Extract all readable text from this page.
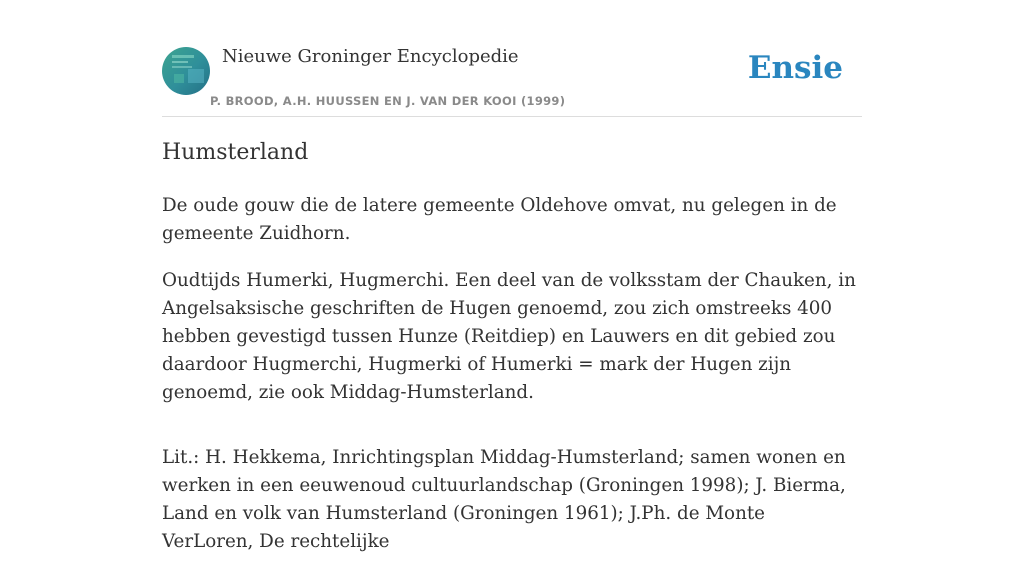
Nieuwe Groninger Encyclopedie
P. BROOD, A.H. HUUSSEN EN J. VAN DER KOOI (1999)
Ensie
Humsterland

De oude gouw die de latere gemeente Oldehove omvat, nu gelegen in de gemeente Zuidhorn.

Oudtijds Humerki, Hugmerchi. Een deel van de volksstam der Chauken, in Angelsaksische geschriften de Hugen genoemd, zou zich omstreeks 400 hebben gevestigd tussen Hunze (Reitdiep) en Lauwers en dit gebied zou daardoor Hugmerchi, Hugmerki of Humerki = mark der Hugen zijn genoemd, zie ook Middag-Humsterland.

Lit.: H. Hekkema, Inrichtingsplan Middag-Humsterland; samen wonen en werken in een eeuwenoud cultuurlandschap (Groningen 1998); J. Bierma, Land en volk van Humsterland (Groningen 1961); J.Ph. de Monte VerLoren, De rechtelijke
